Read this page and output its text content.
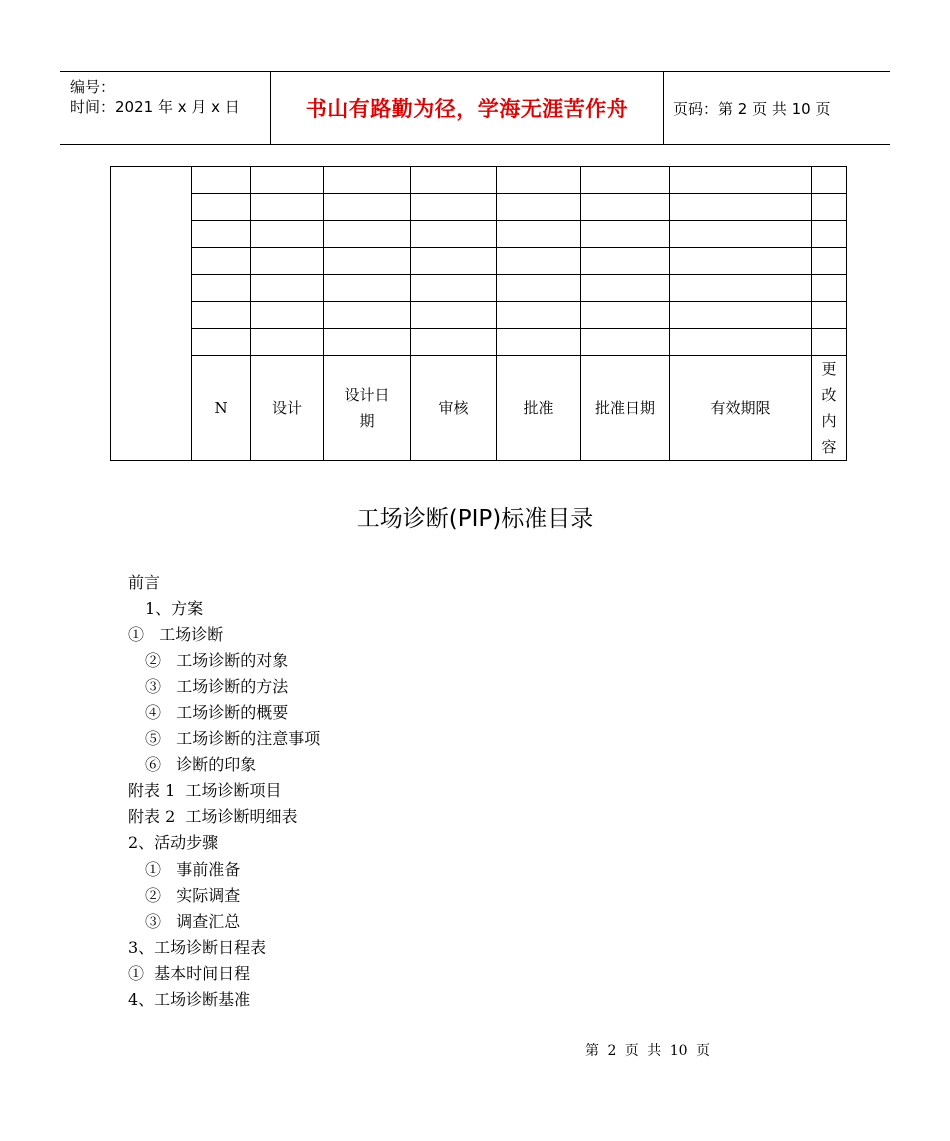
编号：
时间：2021 年 x 月 x 日	书山有路勤为径，学海无涯苦作舟	页码：第 2 页 共 10 页

	N	设计	设计日期	审核	批准	批准日期	有效期限	更改内容
工场诊断(PIP)标准目录
前言
1、方案
①   工场诊断
②   工场诊断的对象
③   工场诊断的方法
④   工场诊断的概要
⑤   工场诊断的注意事项
⑥   诊断的印象
附表 1  工场诊断项目
附表 2  工场诊断明细表
2、活动步骤
①   事前准备
②   实际调查
③   调查汇总
3、工场诊断日程表
①  基本时间日程
4、工场诊断基准
第 2 页 共 10 页
